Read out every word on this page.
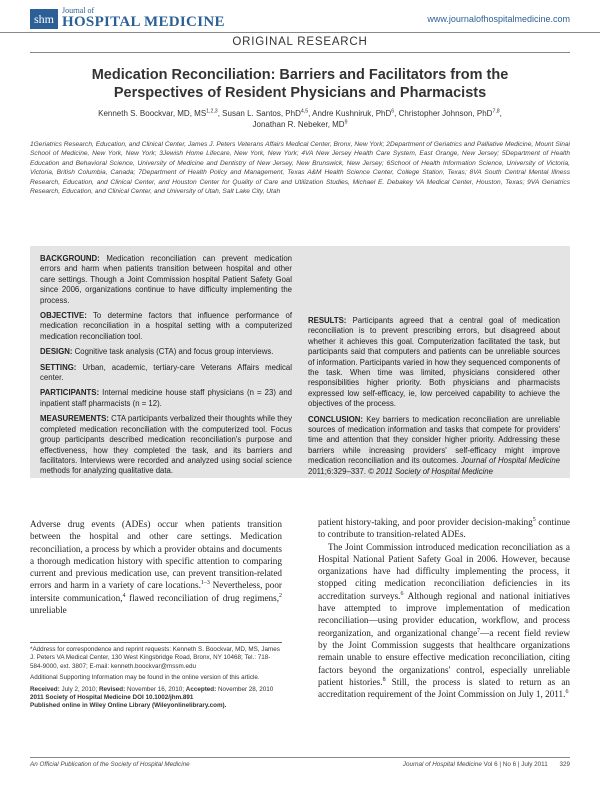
shm
Journal of
HOSPITAL MEDICINE	www.journalofhospitalmedicine.com
ORIGINAL RESEARCH
Medication Reconciliation: Barriers and Facilitators from the Perspectives of Resident Physicians and Pharmacists
Kenneth S. Boockvar, MD, MS$^{1,2,3}$, Susan L. Santos, PhD$^{4,5}$, Andre Kushniruk, PhD$^6$, Christopher Johnson, PhD$^{7,8}$,
Jonathan R. Nebeker, $MD^9$
1Geriatrics Research, Education, and Clinical Center, James J. Peters Veterans Affairs Medical Center, Bronx, New York; 2Department of Geriatrics and Palliative Medicine, Mount Sinai School of Medicine, New York, New York; 3Jewish Home Lifecare, New York, New York; 4VA New Jersey Health Care System, East Orange, New Jersey; 5Department of Health Education and Behavioral Science, University of Medicine and Dentistry of New Jersey, New Brunswick, New Jersey; 6School of Health Information Science, University of Victoria, Victoria, British Columbia, Canada; 7Department of Health Policy and Management, Texas A&M Health Science Center, College Station, Texas; 8VA South Central Mental Illness Research, Education, and Clinical Center, and Houston Center for Quality of Care and Utilization Studies, Michael E. Debakey VA Medical Center, Houston, Texas; 9VA Geriatrics Research, Education, and Clinical Center, and University of Utah, Salt Lake City, Utah

BACKGROUND: Medication reconciliation can prevent medication errors and harm when patients transition between hospital and other care settings. Though a Joint Commission hospital Patient Safety Goal since 2006, organizations continue to have difficulty implementing the process.

OBJECTIVE: To determine factors that influence performance of medication reconciliation in a hospital setting with a computerized medication reconciliation tool.

DESIGN: Cognitive task analysis (CTA) and focus group interviews.

SETTING: Urban, academic, tertiary-care Veterans Affairs medical center.

PARTICIPANTS: Internal medicine house staff physicians (n = 23) and inpatient staff pharmacists (n = 12).

MEASUREMENTS: CTA participants verbalized their thoughts while they completed medication reconciliation with the computerized tool. Focus group participants described medication reconciliation's purpose and effectiveness, how they completed the task, and its barriers and facilitators. Interviews were recorded and analyzed using social science methods for analyzing qualitative data.

RESULTS: Participants agreed that a central goal of medication reconciliation is to prevent prescribing errors, but disagreed about whether it achieves this goal. Computerization facilitated the task, but participants said that computers and patients can be unreliable sources of information. Participants varied in how they sequenced components of the task. When time was limited, physicians considered other responsibilities higher priority. Both physicians and pharmacists expressed low self-efficacy, ie, low perceived capability to achieve the objectives of the process.

CONCLUSION: Key barriers to medication reconciliation are unreliable sources of medication information and tasks that compete for providers' time and attention that they consider higher priority. Addressing these barriers while increasing providers' self-efficacy might improve medication reconciliation and its outcomes. Journal of Hospital Medicine 2011;6:329–337. © 2011 Society of Hospital Medicine

Adverse drug events (ADEs) occur when patients transition between the hospital and other care settings. Medication reconciliation, a process by which a provider obtains and documents a thorough medication history with specific attention to comparing current and previous medication use, can prevent transition-related errors and harm in a variety of care locations.$^{1-3}$ Nevertheless, poor intersite communication,$^4$ flawed reconciliation of drug regimens,$^2$ unreliable

*Address for correspondence and reprint requests: Kenneth S. Boockvar, MD, MS, James J. Peters VA Medical Center, 130 West Kingsbridge Road, Bronx, NY 10468; Tel.: 718-584-9000, ext. 3807; E-mail: kenneth.boockvar@mssm.edu

Additional Supporting Information may be found in the online version of this article.

Received: July 2, 2010; Revised: November 16, 2010; Accepted: November 28, 2010
2011 Society of Hospital Medicine DOI 10.1002/jhm.891
Published online in Wiley Online Library (Wileyonlinelibrary.com).

patient history-taking, and poor provider decision-making$^5$ continue to contribute to transition-related ADEs.

The Joint Commission introduced medication reconciliation as a Hospital National Patient Safety Goal in 2006. However, because organizations have had difficulty implementing the process, it stopped citing medication reconciliation deficiencies in its accreditation surveys.$^6$ Although regional and national initiatives have attempted to improve implementation of medication reconciliation—using provider education, workflow, and process reorganization, and organizational change$^7$—a recent field review by the Joint Commission suggests that healthcare organizations remain unable to ensure effective medication reconciliation, citing factors beyond the organizations' control, especially unreliable patient histories.$^8$ Still, the process is slated to return as an accreditation requirement of the Joint Commission on July 1, 2011.$^6$

An Official Publication of the Society of Hospital Medicine	Journal of Hospital Medicine Vol 6 | No 6 | July 2011 329
